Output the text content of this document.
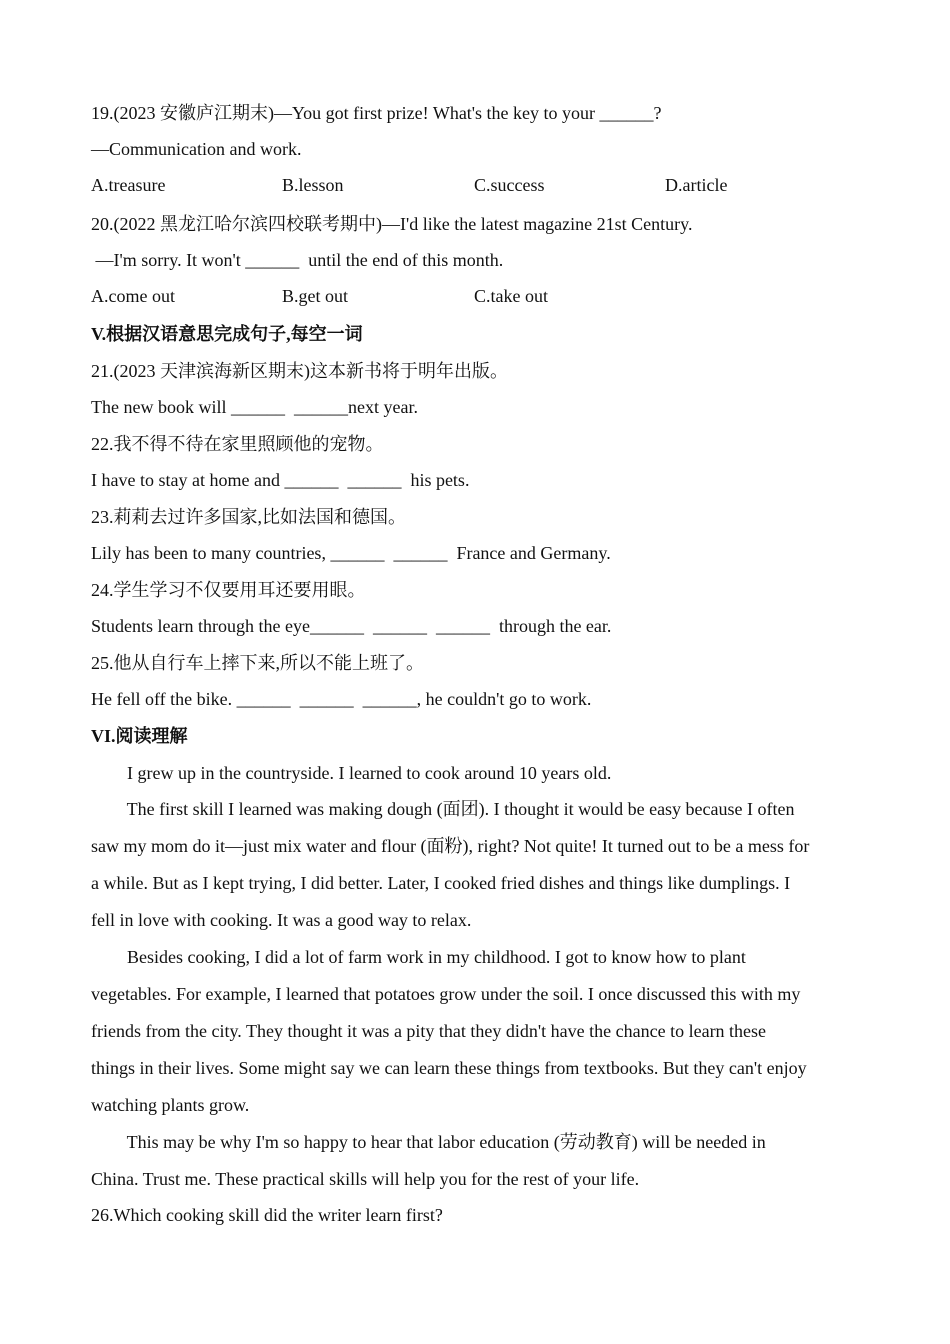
19.(2023 安徽庐江期末)—You got first prize! What's the key to your ______?
—Communication and work.
A.treasure	B.lesson	C.success	D.article
20.(2022 黑龙江哈尔滨四校联考期中)—I'd like the latest magazine 21st Century.
—I'm sorry. It won't ______  until the end of this month.
A.come out	B.get out	C.take out
V.根据汉语意思完成句子,每空一词
21.(2023 天津滨海新区期末)这本新书将于明年出版。
The new book will ______  ______next year.
22.我不得不待在家里照顾他的宠物。
I have to stay at home and ______  ______  his pets.
23.莉莉去过许多国家,比如法国和德国。
Lily has been to many countries, ______  ______  France and Germany.
24.学生学习不仅要用耳还要用眼。
Students learn through the eye______  ______  ______  through the ear.
25.他从自行车上摔下来,所以不能上班了。
He fell off the bike. ______  ______  ______, he couldn't go to work.
VI.阅读理解
I grew up in the countryside. I learned to cook around 10 years old.
The first skill I learned was making dough (面团). I thought it would be easy because I often
saw my mom do it—just mix water and flour (面粉), right? Not quite! It turned out to be a mess for
a while. But as I kept trying, I did better. Later, I cooked fried dishes and things like dumplings. I
fell in love with cooking. It was a good way to relax.
Besides cooking, I did a lot of farm work in my childhood. I got to know how to plant
vegetables. For example, I learned that potatoes grow under the soil. I once discussed this with my
friends from the city. They thought it was a pity that they didn't have the chance to learn these
things in their lives. Some might say we can learn these things from textbooks. But they can't enjoy
watching plants grow.
This may be why I'm so happy to hear that labor education (劳动教育) will be needed in
China. Trust me. These practical skills will help you for the rest of your life.
26.Which cooking skill did the writer learn first?
